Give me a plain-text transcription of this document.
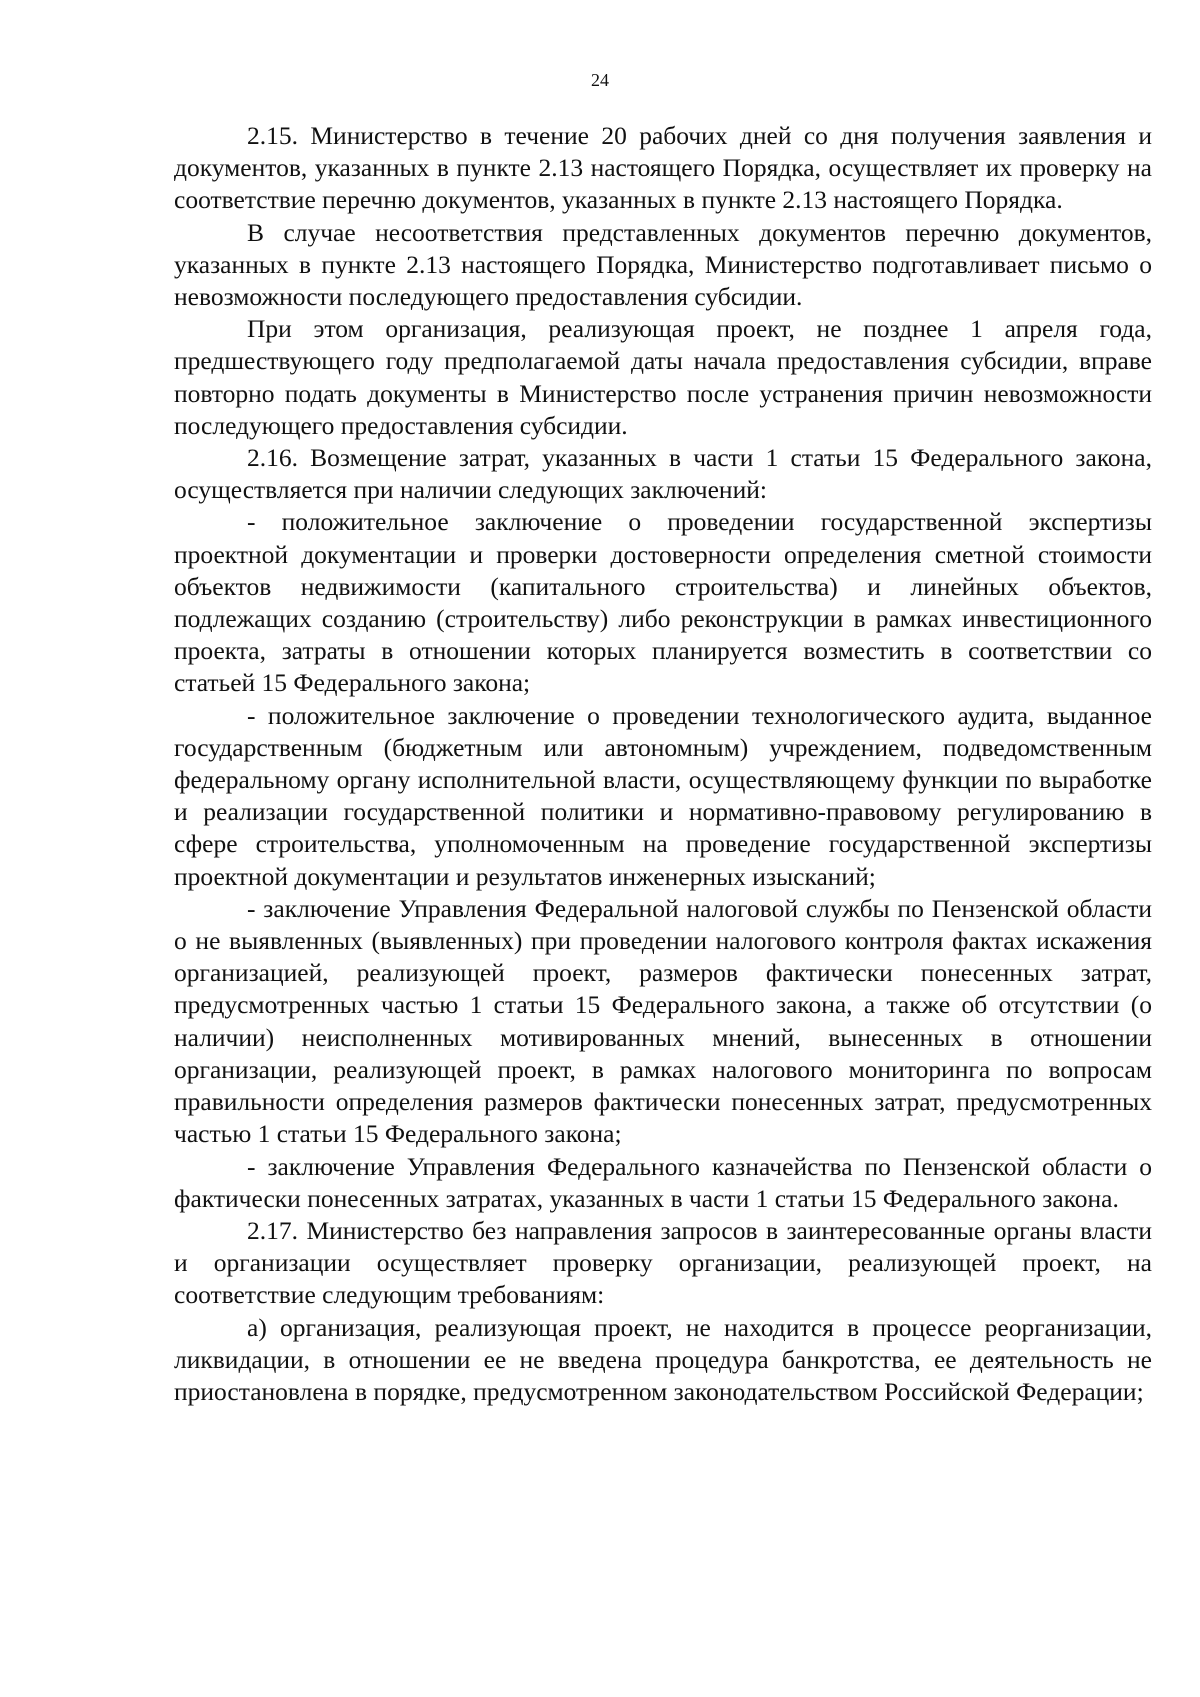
24

2.15. Министерство в течение 20 рабочих дней со дня получения заявления и документов, указанных в пункте 2.13 настоящего Порядка, осуществляет их проверку на соответствие перечню документов, указанных в пункте 2.13 настоящего Порядка.

В случае несоответствия представленных документов перечню документов, указанных в пункте 2.13 настоящего Порядка, Министерство подготавливает письмо о невозможности последующего предоставления субсидии.

При этом организация, реализующая проект, не позднее 1 апреля года, предшествующего году предполагаемой даты начала предоставления субсидии, вправе повторно подать документы в Министерство после устранения причин невозможности последующего предоставления субсидии.

2.16. Возмещение затрат, указанных в части 1 статьи 15 Федерального закона, осуществляется при наличии следующих заключений:

- положительное заключение о проведении государственной экспертизы проектной документации и проверки достоверности определения сметной стоимости объектов недвижимости (капитального строительства) и линейных объектов, подлежащих созданию (строительству) либо реконструкции в рамках инвестиционного проекта, затраты в отношении которых планируется возместить в соответствии со статьей 15 Федерального закона;

- положительное заключение о проведении технологического аудита, выданное государственным (бюджетным или автономным) учреждением, подведомственным федеральному органу исполнительной власти, осуществляющему функции по выработке и реализации государственной политики и нормативно-правовому регулированию в сфере строительства, уполномоченным на проведение государственной экспертизы проектной документации и результатов инженерных изысканий;

- заключение Управления Федеральной налоговой службы по Пензенской области о не выявленных (выявленных) при проведении налогового контроля фактах искажения организацией, реализующей проект, размеров фактически понесенных затрат, предусмотренных частью 1 статьи 15 Федерального закона, а также об отсутствии (о наличии) неисполненных мотивированных мнений, вынесенных в отношении организации, реализующей проект, в рамках налогового мониторинга по вопросам правильности определения размеров фактически понесенных затрат, предусмотренных частью 1 статьи 15 Федерального закона;

- заключение Управления Федерального казначейства по Пензенской области о фактически понесенных затратах, указанных в части 1 статьи 15 Федерального закона.

2.17. Министерство без направления запросов в заинтересованные органы власти и организации осуществляет проверку организации, реализующей проект, на соответствие следующим требованиям:

а) организация, реализующая проект, не находится в процессе реорганизации, ликвидации, в отношении ее не введена процедура банкротства, ее деятельность не приостановлена в порядке, предусмотренном законодательством Российской Федерации;
